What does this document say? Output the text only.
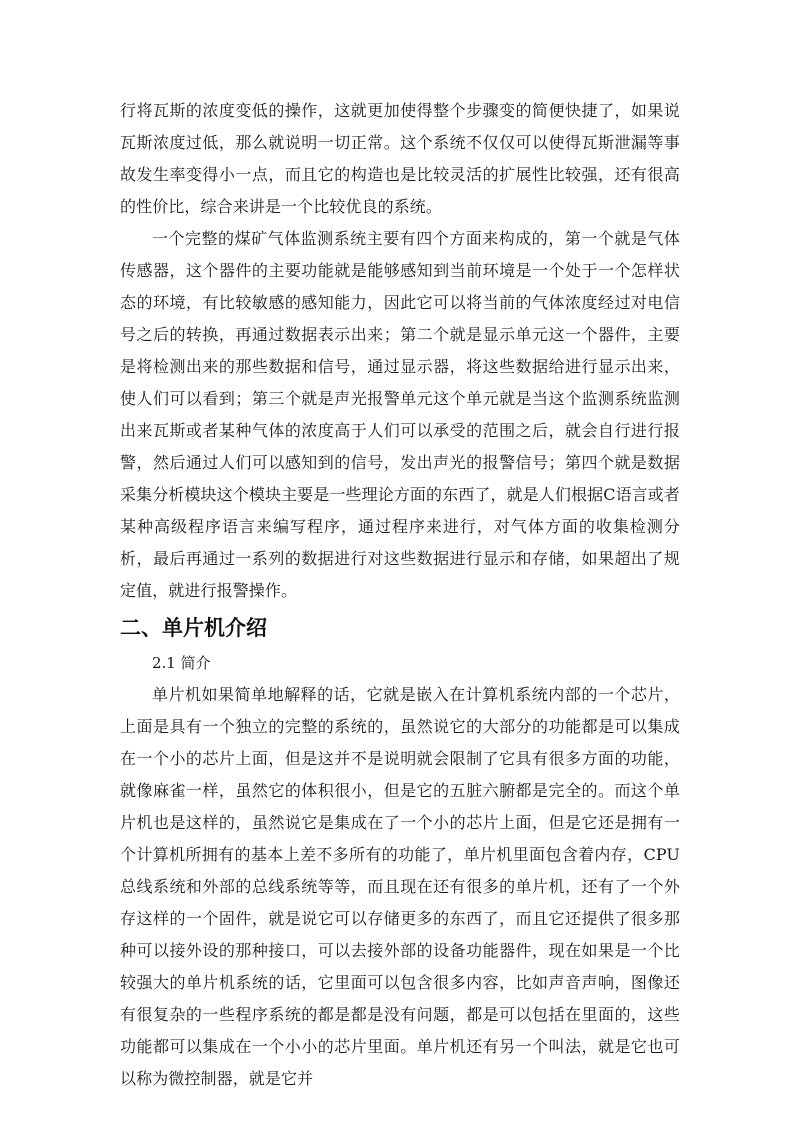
行将瓦斯的浓度变低的操作，这就更加使得整个步骤变的简便快捷了，如果说瓦斯浓度过低，那么就说明一切正常。这个系统不仅仅可以使得瓦斯泄漏等事故发生率变得小一点，而且它的构造也是比较灵活的扩展性比较强，还有很高的性价比，综合来讲是一个比较优良的系统。

一个完整的煤矿气体监测系统主要有四个方面来构成的，第一个就是气体传感器，这个器件的主要功能就是能够感知到当前环境是一个处于一个怎样状态的环境，有比较敏感的感知能力，因此它可以将当前的气体浓度经过对电信号之后的转换，再通过数据表示出来；第二个就是显示单元这一个器件，主要是将检测出来的那些数据和信号，通过显示器，将这些数据给进行显示出来，使人们可以看到；第三个就是声光报警单元这个单元就是当这个监测系统监测出来瓦斯或者某种气体的浓度高于人们可以承受的范围之后，就会自行进行报警，然后通过人们可以感知到的信号，发出声光的报警信号；第四个就是数据采集分析模块这个模块主要是一些理论方面的东西了，就是人们根据C语言或者某种高级程序语言来编写程序，通过程序来进行，对气体方面的收集检测分析，最后再通过一系列的数据进行对这些数据进行显示和存储，如果超出了规定值，就进行报警操作。

二、单片机介绍

2.1 简介

单片机如果简单地解释的话，它就是嵌入在计算机系统内部的一个芯片，上面是具有一个独立的完整的系统的，虽然说它的大部分的功能都是可以集成在一个小的芯片上面，但是这并不是说明就会限制了它具有很多方面的功能，就像麻雀一样，虽然它的体积很小，但是它的五脏六腑都是完全的。而这个单片机也是这样的，虽然说它是集成在了一个小的芯片上面，但是它还是拥有一个计算机所拥有的基本上差不多所有的功能了，单片机里面包含着内存，CPU总线系统和外部的总线系统等等，而且现在还有很多的单片机，还有了一个外存这样的一个固件，就是说它可以存储更多的东西了，而且它还提供了很多那种可以接外设的那种接口，可以去接外部的设备功能器件，现在如果是一个比较强大的单片机系统的话，它里面可以包含很多内容，比如声音声响，图像还有很复杂的一些程序系统的都是都是没有问题，都是可以包括在里面的，这些功能都可以集成在一个小小的芯片里面。单片机还有另一个叫法，就是它也可以称为微控制器，就是它并
